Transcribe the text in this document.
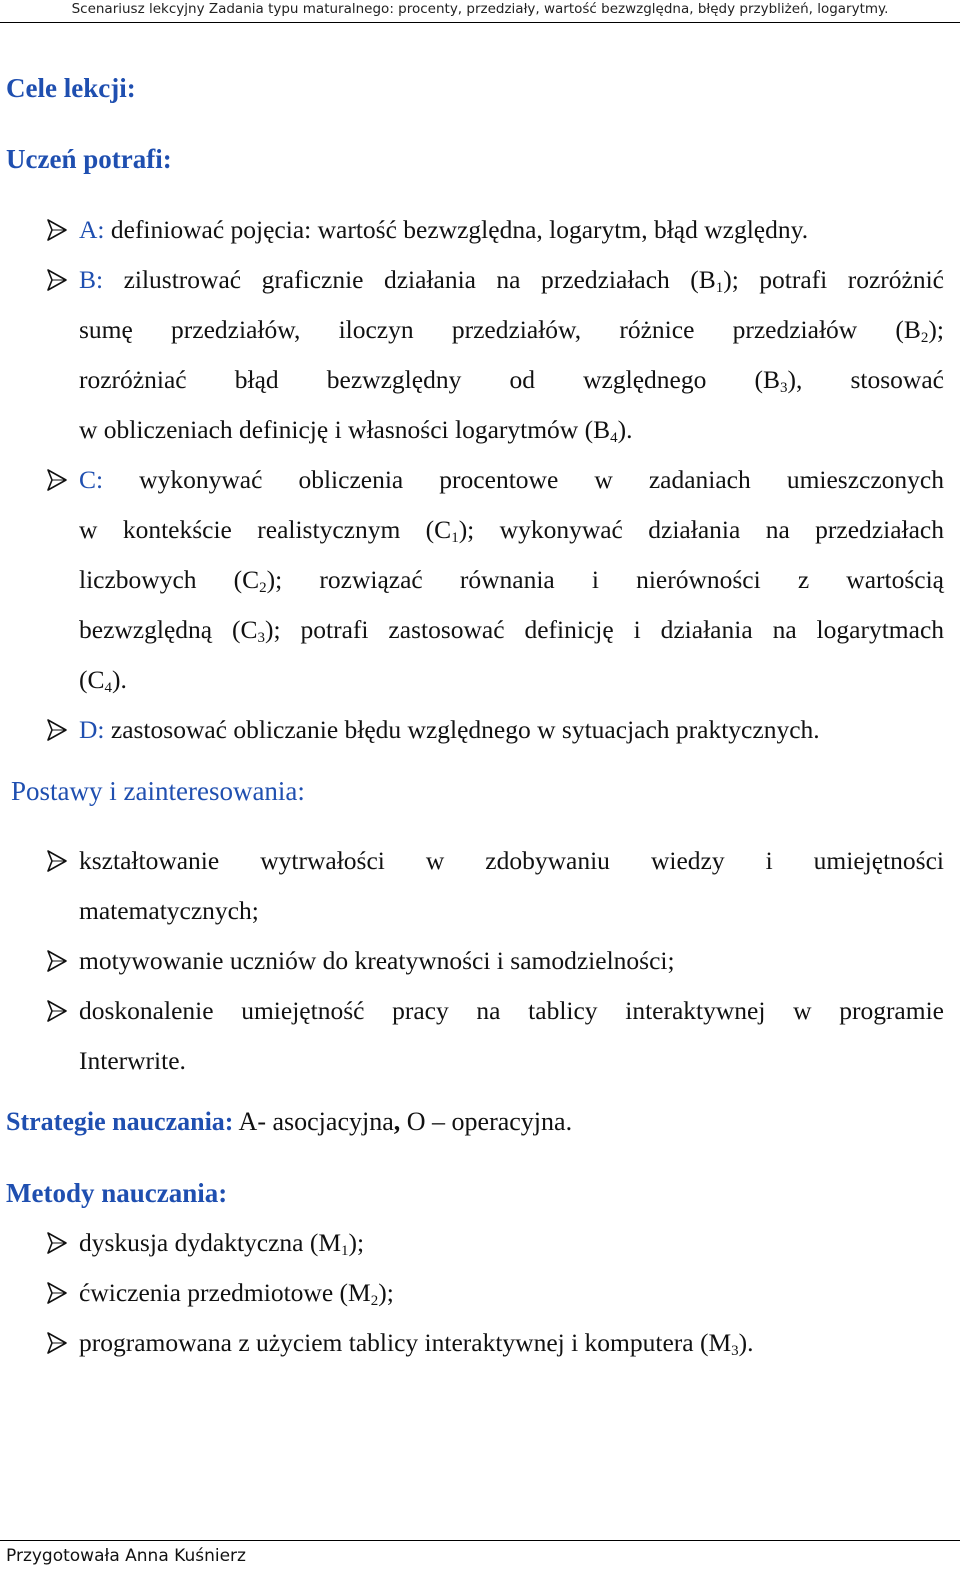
Scenariusz lekcyjny Zadania typu maturalnego: procenty, przedziały, wartość bezwzględna, błędy przybliżeń, logarytmy.
Cele lekcji:
Uczeń potrafi:
A: definiować pojęcia: wartość bezwzględna, logarytm, błąd względny.
B: zilustrować graficznie działania na przedziałach $(B_1)$; potrafi rozróżnić
sumę przedziałów, iloczyn przedziałów, różnice przedziałów $(B_2)$;
rozróżniać błąd bezwzględny od względnego $(B_3)$, stosować
w obliczeniach definicję i własności logarytmów $(B_4)$.
C: wykonywać obliczenia procentowe w zadaniach umieszczonych
w kontekście realistycznym $(C_1)$; wykonywać działania na przedziałach
liczbowych $(C_2)$; rozwiązać równania i nierówności z wartością
bezwzględną $(C_3)$; potrafi zastosować definicję i działania na logarytmach
$(C_4)$.
D: zastosować obliczanie błędu względnego w sytuacjach praktycznych.
Postawy i zainteresowania:
kształtowanie wytrwałości w zdobywaniu wiedzy i umiejętności
matematycznych;
motywowanie uczniów do kreatywności i samodzielności;
doskonalenie umiejętność pracy na tablicy interaktywnej w programie
Interwrite.
Strategie nauczania: A- asocjacyjna, O – operacyjna.
Metody nauczania:
dyskusja dydaktyczna $(M_1)$;
ćwiczenia przedmiotowe $(M_2)$;
programowana z użyciem tablicy interaktywnej i komputera $(M_3)$.
Przygotowała Anna Kuśnierz
